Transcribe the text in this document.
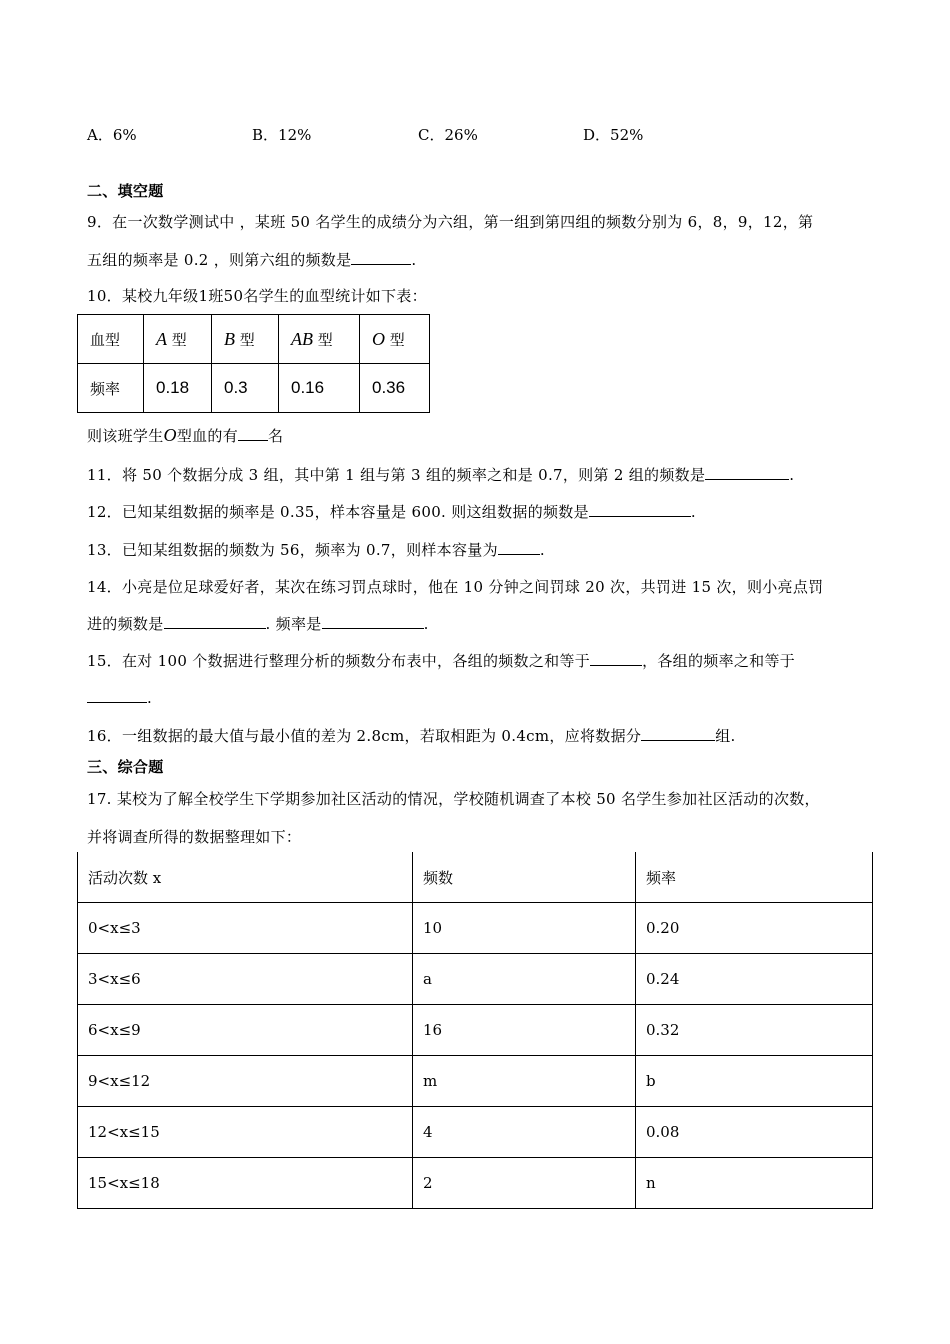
A．6%	B．12%	C．26%	D．52%
二、填空题
9．在一次数学测试中 ，某班 50 名学生的成绩分为六组，第一组到第四组的频数分别为 6，8，9，12，第
五组的频率是 0.2 ，则第六组的频数是	.
10．某校九年级1班50名学生的血型统计如下表：
血型	A 型	B 型	AB 型	O 型
频率	0.18	0.3	0.16	0.36
则该班学生O型血的有 名
11．将 50 个数据分成 3 组，其中第 1 组与第 3 组的频率之和是 0.7，则第 2 组的频数是	.
12．已知某组数据的频率是 0.35，样本容量是 600. 则这组数据的频数是	.
13．已知某组数据的频数为 56，频率为 0.7，则样本容量为	.
14．小亮是位足球爱好者，某次在练习罚点球时，他在 10 分钟之间罚球 20 次，共罚进 15 次，则小亮点罚
进的频数是	. 频率是	.
15．在对 100 个数据进行整理分析的频数分布表中，各组的频数之和等于	，各组的频率之和等于
.
16．一组数据的最大值与最小值的差为 2.8cm，若取相距为 0.4cm，应将数据分	组.
三、综合题
17. 某校为了解全校学生下学期参加社区活动的情况，学校随机调查了本校 50 名学生参加社区活动的次数，
并将调查所得的数据整理如下：
活动次数 x	频数	频率
0<x≤3	10	0.20
3<x≤6	a	0.24
6<x≤9	16	0.32
9<x≤12	m	b
12<x≤15	4	0.08
15<x≤18	2	n
